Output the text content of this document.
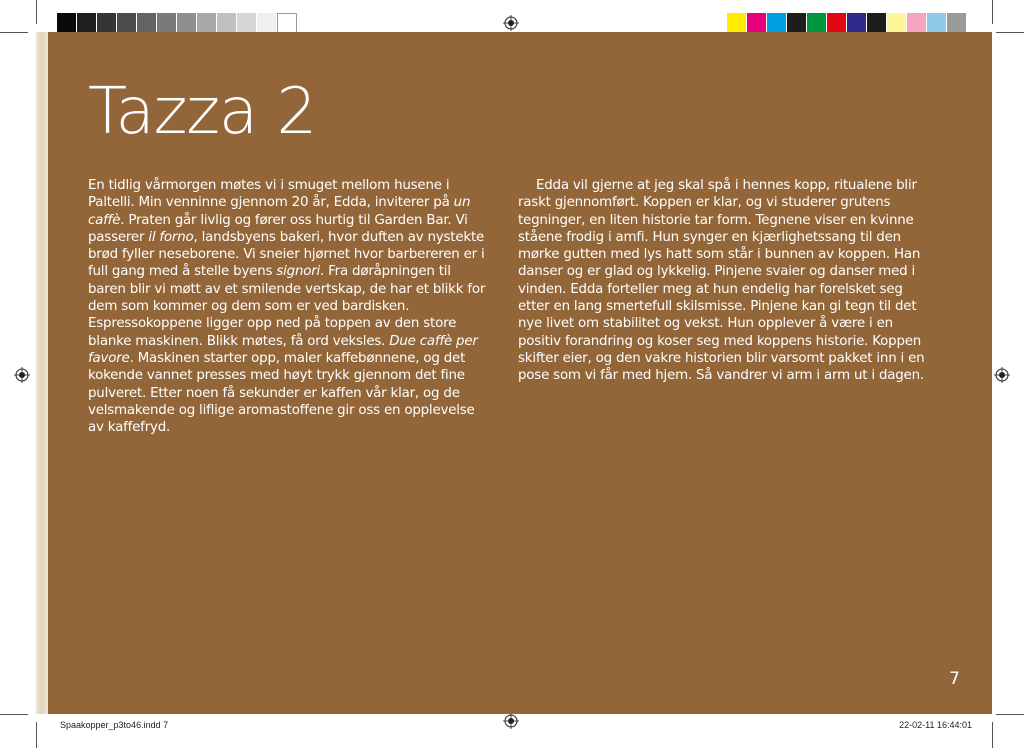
Tazza 2

En tidlig vårmorgen møtes vi i smuget mellom husene i Paltelli. Min venninne gjennom 20 år, Edda, inviterer på un caffè. Praten går livlig og fører oss hurtig til Garden Bar. Vi passerer il forno, landsbyens bakeri, hvor duften av nystekte brød fyller neseborene. Vi sneier hjørnet hvor barbereren er i full gang med å stelle byens signori. Fra døråpningen til baren blir vi møtt av et smilende vertskap, de har et blikk for dem som kommer og dem som er ved bardisken. Espressokoppene ligger opp ned på toppen av den store blanke maskinen. Blikk møtes, få ord veksles. Due caffè per favore. Maskinen starter opp, maler kaffebønnene, og det kokende vannet presses med høyt trykk gjennom det fine pulveret. Etter noen få sekunder er kaffen vår klar, og de velsmakende og liflige aromastoffene gir oss en opplevelse av kaffefryd.

Edda vil gjerne at jeg skal spå i hennes kopp, ritualene blir raskt gjennomført. Koppen er klar, og vi studerer grutens tegninger, en liten historie tar form. Tegnene viser en kvinne ståene frodig i amfi. Hun synger en kjærlighetssang til den mørke gutten med lys hatt som står i bunnen av koppen. Han danser og er glad og lykkelig. Pinjene svaier og danser med i vinden. Edda forteller meg at hun endelig har forelsket seg etter en lang smertefull skilsmisse. Pinjene kan gi tegn til det nye livet om stabilitet og vekst. Hun opplever å være i en positiv forandring og koser seg med koppens historie. Koppen skifter eier, og den vakre historien blir varsomt pakket inn i en pose som vi får med hjem. Så vandrer vi arm i arm ut i dagen.

7
Spaakopper_p3to46.indd 7	22-02-11 16:44:01
